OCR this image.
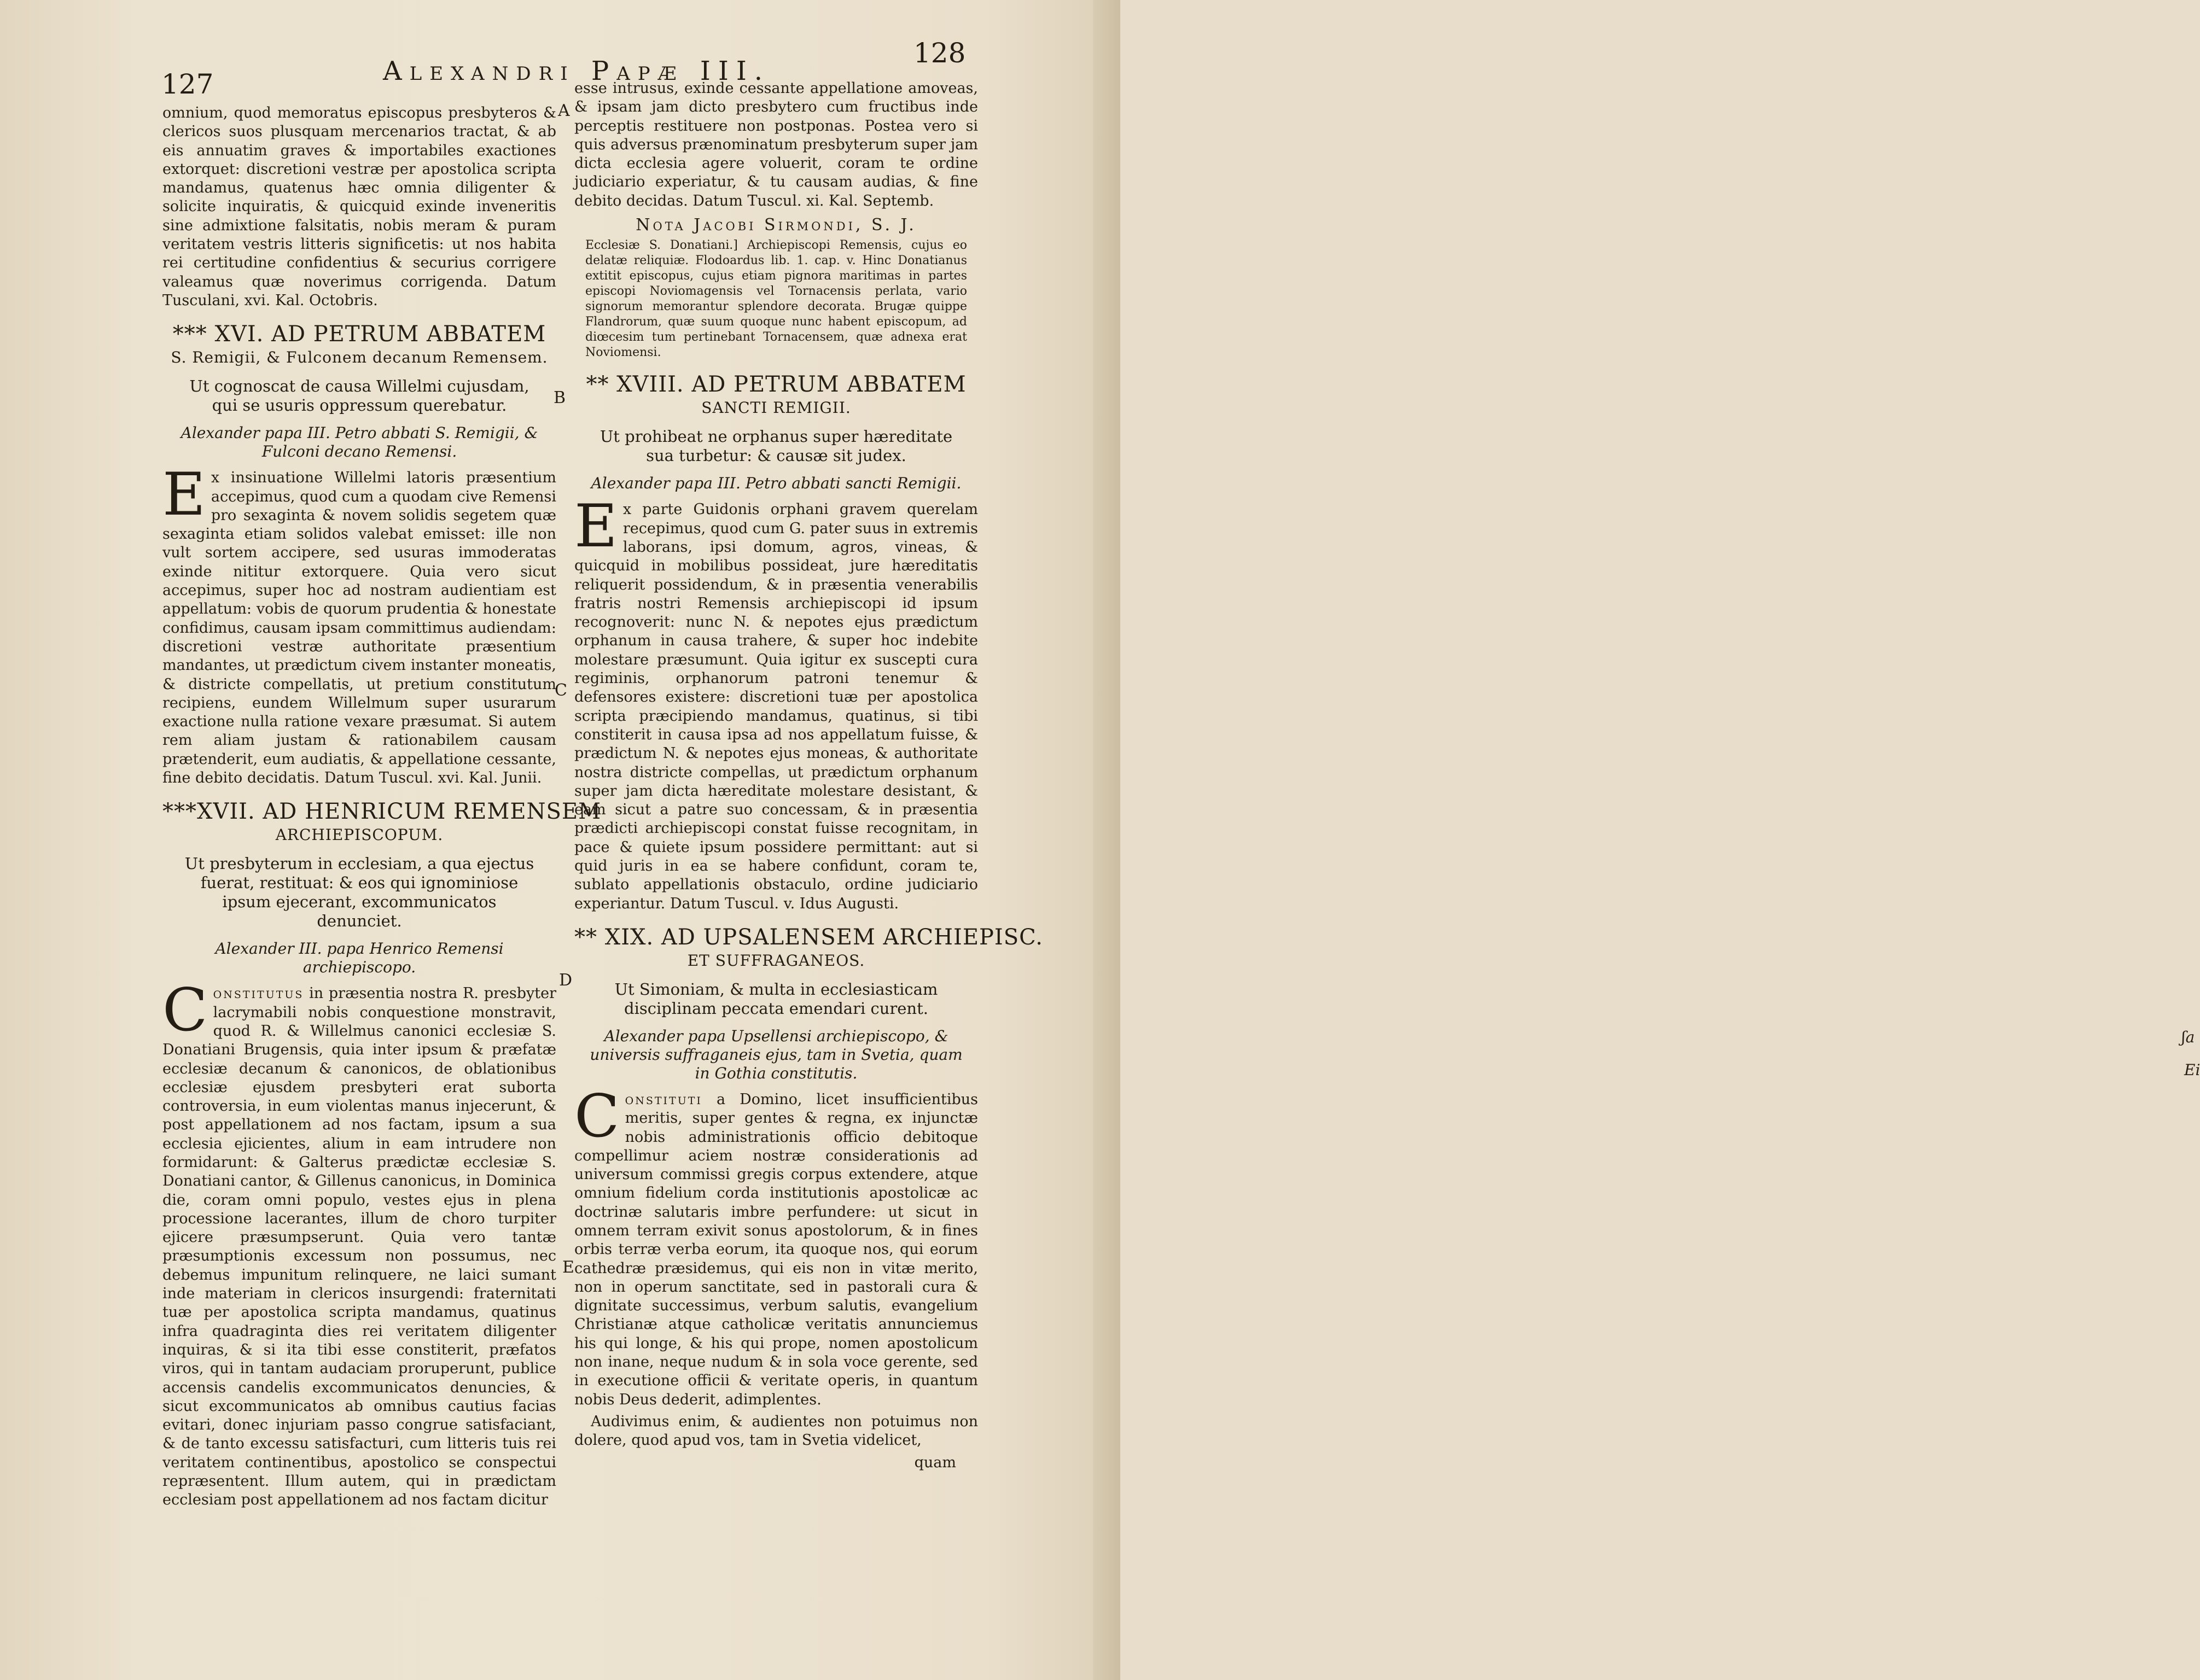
ʃa
Ei
127	Alexandri Papæ III.
128
A
B
C
D
E

omnium, quod memoratus episcopus presbyteros & clericos suos plusquam mercenarios tractat, & ab eis annuatim graves & importabiles exactiones extorquet: discretioni vestræ per apostolica scripta mandamus, quatenus hæc omnia diligenter & solicite inquiratis, & quicquid exinde inveneritis sine admixtione falsitatis, nobis meram & puram veritatem vestris litteris significetis: ut nos habita rei certitudine confidentius & securius corrigere valeamus quæ noverimus corrigenda. Datum Tusculani, xvi. Kal. Octobris.

*** XVI. AD PETRUM ABBATEM
S. Remigii, & Fulconem decanum Remensem.
Ut cognoscat de causa Willelmi cujusdam, qui se usuris oppressum querebatur.
Alexander papa III. Petro abbati S. Remigii, & Fulconi decano Remensi.

Ex insinuatione Willelmi latoris præsentium accepimus, quod cum a quodam cive Remensi pro sexaginta & novem solidis segetem quæ sexaginta etiam solidos valebat emisset: ille non vult sortem accipere, sed usuras immoderatas exinde nititur extorquere. Quia vero sicut accepimus, super hoc ad nostram audientiam est appellatum: vobis de quorum prudentia & honestate confidimus, causam ipsam committimus audiendam: discretioni vestræ authoritate præsentium mandantes, ut prædictum civem instanter moneatis, & districte compellatis, ut pretium constitutum recipiens, eundem Willelmum super usurarum exactione nulla ratione vexare præsumat. Si autem rem aliam justam & rationabilem causam prætenderit, eum audiatis, & appellatione cessante, fine debito decidatis. Datum Tuscul. xvi. Kal. Junii.

***XVII. AD HENRICUM REMENSEM
ARCHIEPISCOPUM.
Ut presbyterum in ecclesiam, a qua ejectus fuerat, restituat: & eos qui ignominiose ipsum ejecerant, excommunicatos denunciet.
Alexander III. papa Henrico Remensi archiepiscopo.

Constitutus in præsentia nostra R. presbyter lacrymabili nobis conquestione monstravit, quod R. & Willelmus canonici ecclesiæ S. Donatiani Brugensis, quia inter ipsum & præfatæ ecclesiæ decanum & canonicos, de oblationibus ecclesiæ ejusdem presbyteri erat suborta controversia, in eum violentas manus injecerunt, & post appellationem ad nos factam, ipsum a sua ecclesia ejicientes, alium in eam intrudere non formidarunt: & Galterus prædictæ ecclesiæ S. Donatiani cantor, & Gillenus canonicus, in Dominica die, coram omni populo, vestes ejus in plena processione lacerantes, illum de choro turpiter ejicere præsumpserunt. Quia vero tantæ præsumptionis excessum non possumus, nec debemus impunitum relinquere, ne laici sumant inde materiam in clericos insurgendi: fraternitati tuæ per apostolica scripta mandamus, quatinus infra quadraginta dies rei veritatem diligenter inquiras, & si ita tibi esse constiterit, præfatos viros, qui in tantam audaciam proruperunt, publice accensis candelis excommunicatos denuncies, & sicut excommunicatos ab omnibus cautius facias evitari, donec injuriam passo congrue satisfaciant, & de tanto excessu satisfacturi, cum litteris tuis rei veritatem continentibus, apostolico se conspectui repræsentent. Illum autem, qui in prædictam ecclesiam post appellationem ad nos factam dicitur

esse intrusus, exinde cessante appellatione amoveas, & ipsam jam dicto presbytero cum fructibus inde perceptis restituere non postponas. Postea vero si quis adversus prænominatum presbyterum super jam dicta ecclesia agere voluerit, coram te ordine judiciario experiatur, & tu causam audias, & fine debito decidas. Datum Tuscul. xi. Kal. Septemb.

Nota Jacobi Sirmondi, S. J.
Ecclesiæ S. Donatiani.] Archiepiscopi Remensis, cujus eo delatæ reliquiæ. Flodoardus lib. 1. cap. v. Hinc Donatianus extitit episcopus, cujus etiam pignora maritimas in partes episcopi Noviomagensis vel Tornacensis perlata, vario signorum memorantur splendore decorata. Brugæ quippe Flandrorum, quæ suum quoque nunc habent episcopum, ad diœcesim tum pertinebant Tornacensem, quæ adnexa erat Noviomensi.
** XVIII. AD PETRUM ABBATEM
SANCTI REMIGII.
Ut prohibeat ne orphanus super hæreditate sua turbetur: & causæ sit judex.
Alexander papa III. Petro abbati sancti Remigii.

Ex parte Guidonis orphani gravem querelam recepimus, quod cum G. pater suus in extremis laborans, ipsi domum, agros, vineas, & quicquid in mobilibus possideat, jure hæreditatis reliquerit possidendum, & in præsentia venerabilis fratris nostri Remensis archiepiscopi id ipsum recognoverit: nunc N. & nepotes ejus prædictum orphanum in causa trahere, & super hoc indebite molestare præsumunt. Quia igitur ex suscepti cura regiminis, orphanorum patroni tenemur & defensores existere: discretioni tuæ per apostolica scripta præcipiendo mandamus, quatinus, si tibi constiterit in causa ipsa ad nos appellatum fuisse, & prædictum N. & nepotes ejus moneas, & authoritate nostra districte compellas, ut prædictum orphanum super jam dicta hæreditate molestare desistant, & eam sicut a patre suo concessam, & in præsentia prædicti archiepiscopi constat fuisse recognitam, in pace & quiete ipsum possidere permittant: aut si quid juris in ea se habere confidunt, coram te, sublato appellationis obstaculo, ordine judiciario experiantur. Datum Tuscul. v. Idus Augusti.

** XIX. AD UPSALENSEM ARCHIEPISC.
ET SUFFRAGANEOS.
Ut Simoniam, & multa in ecclesiasticam disciplinam peccata emendari curent.
Alexander papa Upsellensi archiepiscopo, & universis suffraganeis ejus, tam in Svetia, quam in Gothia constitutis.

Constituti a Domino, licet insufficientibus meritis, super gentes & regna, ex injunctæ nobis administrationis officio debitoque compellimur aciem nostræ considerationis ad universum commissi gregis corpus extendere, atque omnium fidelium corda institutionis apostolicæ ac doctrinæ salutaris imbre perfundere: ut sicut in omnem terram exivit sonus apostolorum, & in fines orbis terræ verba eorum, ita quoque nos, qui eorum cathedræ præsidemus, qui eis non in vitæ merito, non in operum sanctitate, sed in pastorali cura & dignitate successimus, verbum salutis, evangelium Christianæ atque catholicæ veritatis annunciemus his qui longe, & his qui prope, nomen apostolicum non inane, neque nudum & in sola voce gerente, sed in executione officii & veritate operis, in quantum nobis Deus dederit, adimplentes.

Audivimus enim, & audientes non potuimus non dolere, quod apud vos, tam in Svetia videlicet,

quam
